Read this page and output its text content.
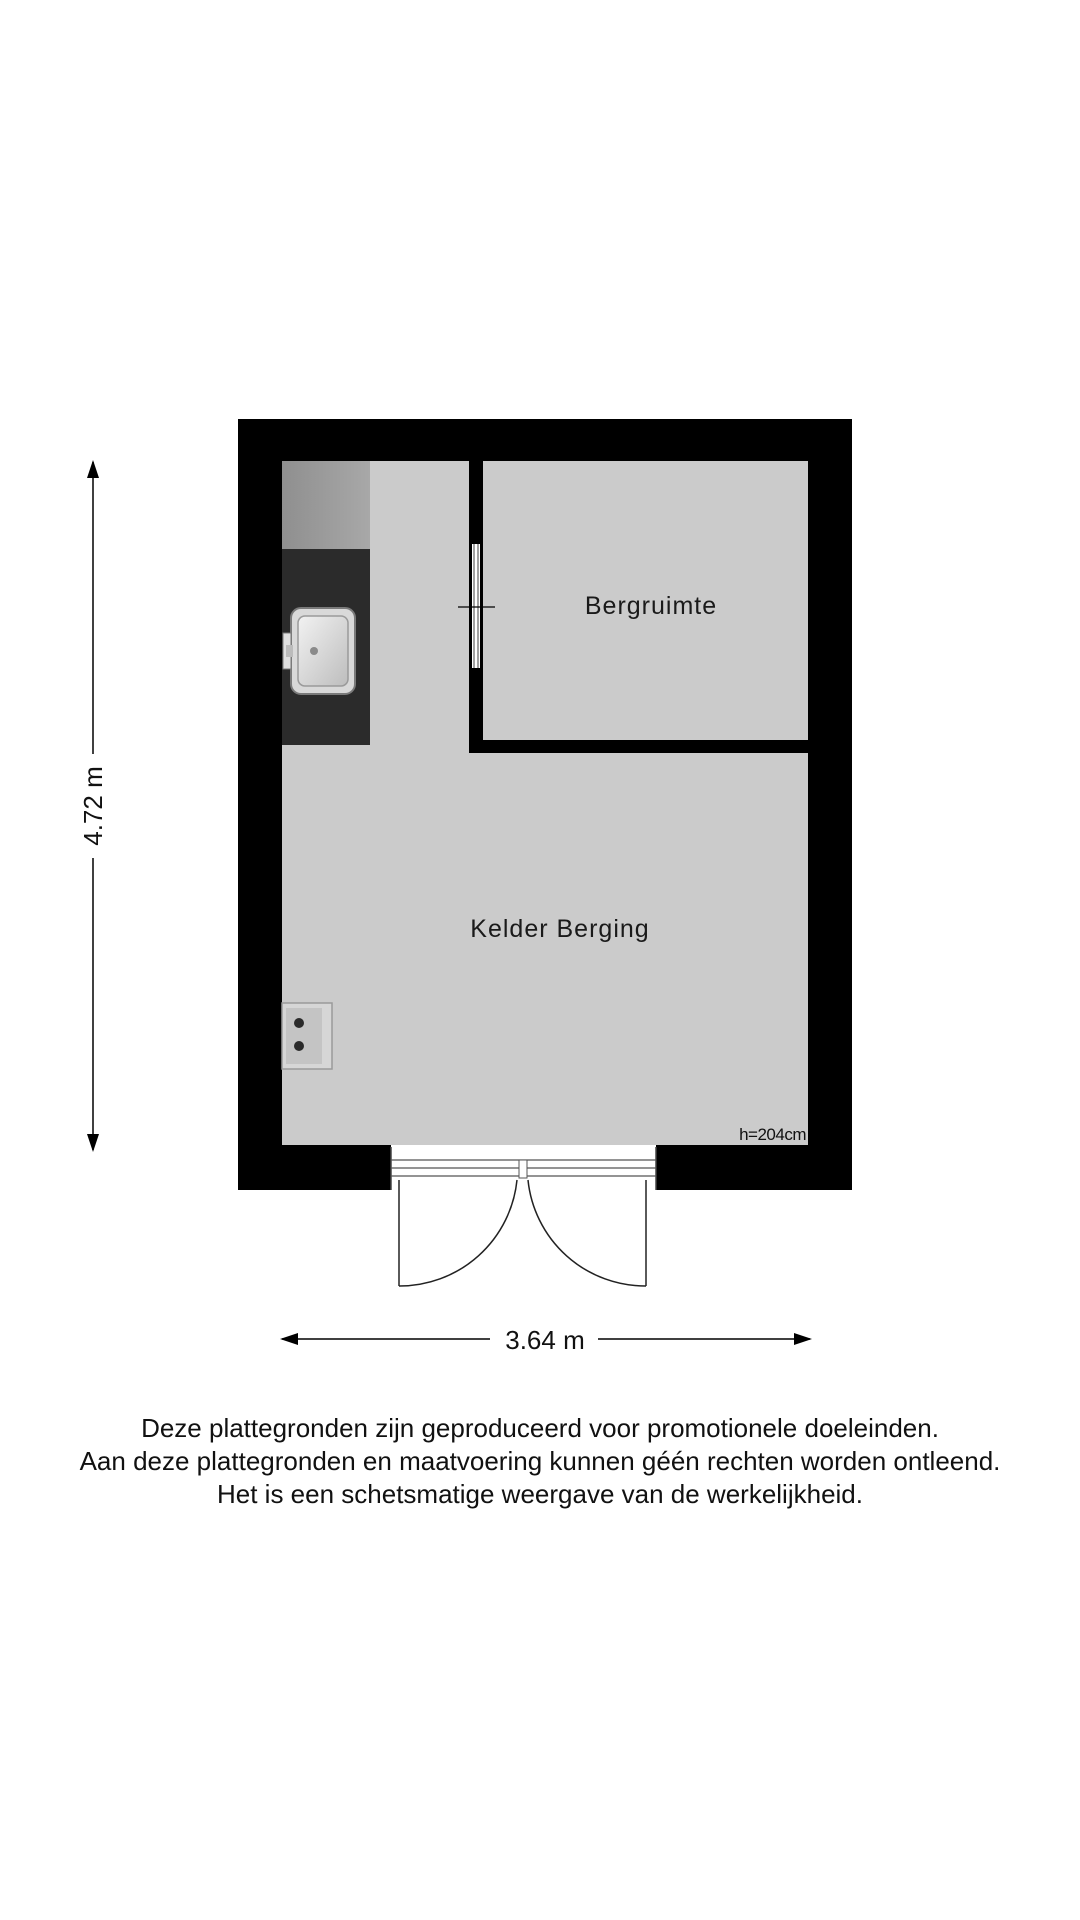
Bergruimte
Kelder Berging
h=204cm
4.72 m
3.64 m
Deze plattegronden zijn geproduceerd voor promotionele doeleinden.
Aan deze plattegronden en maatvoering kunnen géén rechten worden ontleend.
Het is een schetsmatige weergave van de werkelijkheid.
